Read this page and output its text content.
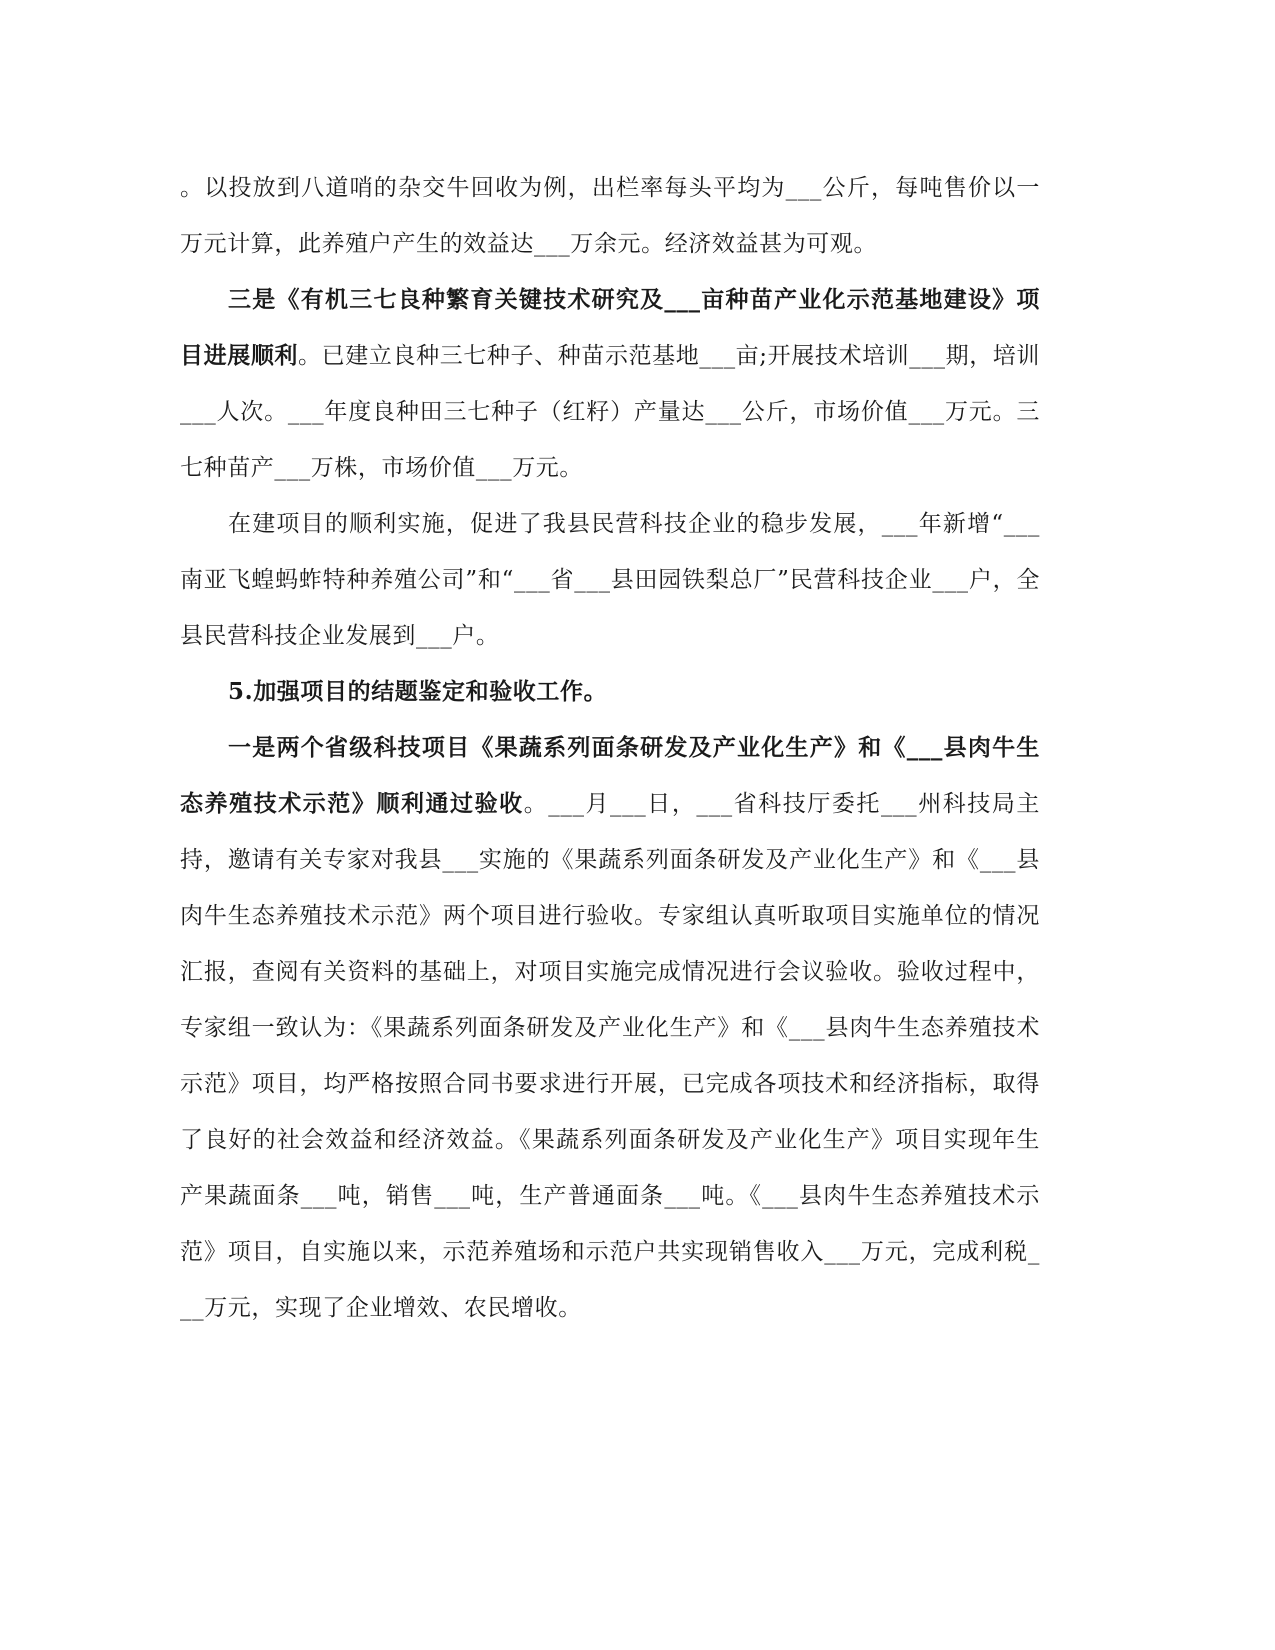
。以投放到八道哨的杂交牛回收为例，出栏率每头平均为___公斤，每吨售价以一万元计算，此养殖户产生的效益达___万余元。经济效益甚为可观。

三是《有机三七良种繁育关键技术研究及___亩种苗产业化示范基地建设》项目进展顺利。已建立良种三七种子、种苗示范基地___亩;开展技术培训___期，培训___人次。___年度良种田三七种子（红籽）产量达___公斤，市场价值___万元。三七种苗产___万株，市场价值___万元。

在建项目的顺利实施，促进了我县民营科技企业的稳步发展，___年新增“___南亚飞蝗蚂蚱特种养殖公司”和“___省___县田园铁梨总厂”民营科技企业___户，全县民营科技企业发展到___户。

5.加强项目的结题鉴定和验收工作。

一是两个省级科技项目《果蔬系列面条研发及产业化生产》和《___县肉牛生态养殖技术示范》顺利通过验收。___月___日，___省科技厅委托___州科技局主持，邀请有关专家对我县___实施的《果蔬系列面条研发及产业化生产》和《___县肉牛生态养殖技术示范》两个项目进行验收。专家组认真听取项目实施单位的情况汇报，查阅有关资料的基础上，对项目实施完成情况进行会议验收。验收过程中，专家组一致认为：《果蔬系列面条研发及产业化生产》和《___县肉牛生态养殖技术示范》项目，均严格按照合同书要求进行开展，已完成各项技术和经济指标，取得了良好的社会效益和经济效益。《果蔬系列面条研发及产业化生产》项目实现年生产果蔬面条___吨，销售___吨，生产普通面条___吨。《___县肉牛生态养殖技术示范》项目，自实施以来，示范养殖场和示范户共实现销售收入___万元，完成利税___万元，实现了企业增效、农民增收。
